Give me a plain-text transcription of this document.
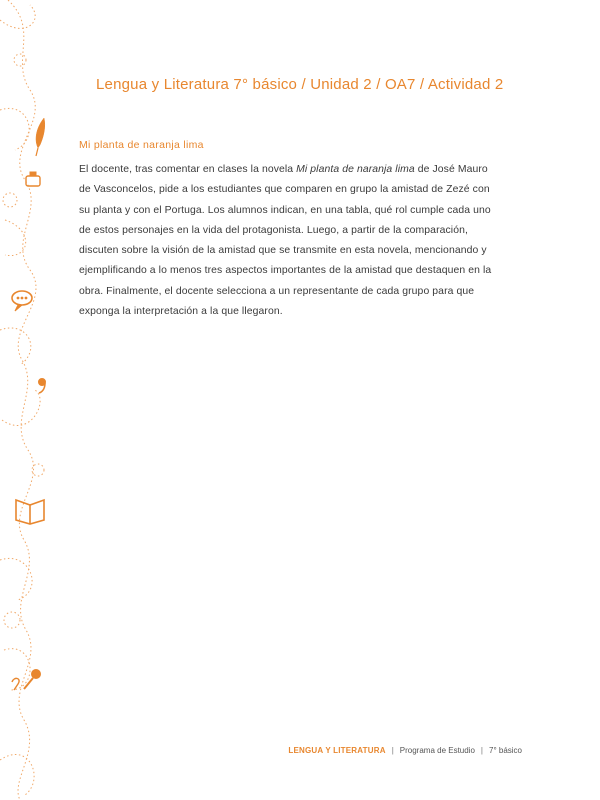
Lengua y Literatura 7° básico / Unidad 2 / OA7 / Actividad 2
Mi planta de naranja lima
El docente, tras comentar en clases la novela Mi planta de naranja lima de José Mauro de Vasconcelos, pide a los estudiantes que comparen en grupo la amistad de Zezé con su planta y con el Portuga. Los alumnos indican, en una tabla, qué rol cumple cada uno de estos personajes en la vida del protagonista. Luego, a partir de la comparación, discuten sobre la visión de la amistad que se transmite en esta novela, mencionando y ejemplificando a lo menos tres aspectos importantes de la amistad que destaquen en la obra. Finalmente, el docente selecciona a un representante de cada grupo para que exponga la interpretación a la que llegaron.
LENGUA Y LITERATURA | Programa de Estudio | 7° básico
